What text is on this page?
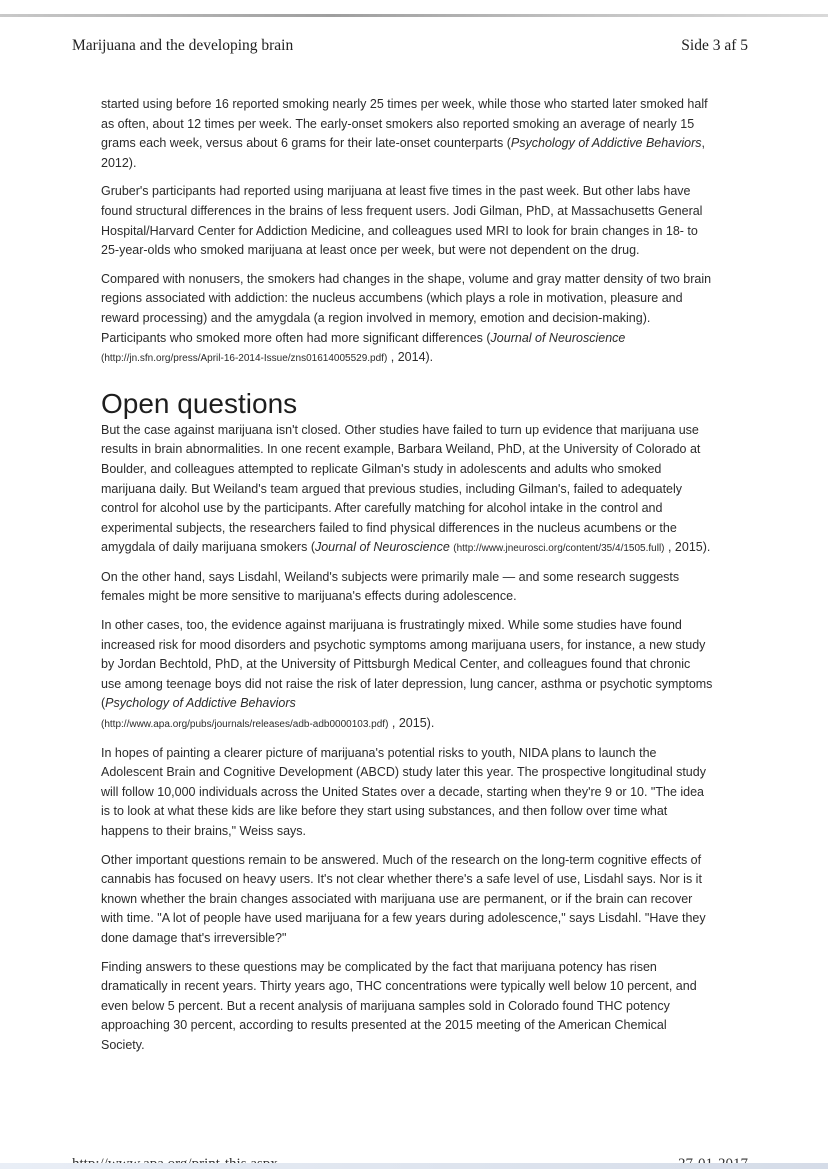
Marijuana and the developing brain	Side 3 af 5

started using before 16 reported smoking nearly 25 times per week, while those who started later smoked half as often, about 12 times per week. The early-onset smokers also reported smoking an average of nearly 15 grams each week, versus about 6 grams for their late-onset counterparts (Psychology of Addictive Behaviors, 2012).

Gruber's participants had reported using marijuana at least five times in the past week. But other labs have found structural differences in the brains of less frequent users. Jodi Gilman, PhD, at Massachusetts General Hospital/Harvard Center for Addiction Medicine, and colleagues used MRI to look for brain changes in 18- to 25-year-olds who smoked marijuana at least once per week, but were not dependent on the drug.

Compared with nonusers, the smokers had changes in the shape, volume and gray matter density of two brain regions associated with addiction: the nucleus accumbens (which plays a role in motivation, pleasure and reward processing) and the amygdala (a region involved in memory, emotion and decision-making). Participants who smoked more often had more significant differences (Journal of Neuroscience (http://jn.sfn.org/press/April-16-2014-Issue/zns01614005529.pdf) , 2014).

Open questions

But the case against marijuana isn't closed. Other studies have failed to turn up evidence that marijuana use results in brain abnormalities. In one recent example, Barbara Weiland, PhD, at the University of Colorado at Boulder, and colleagues attempted to replicate Gilman's study in adolescents and adults who smoked marijuana daily. But Weiland's team argued that previous studies, including Gilman's, failed to adequately control for alcohol use by the participants. After carefully matching for alcohol intake in the control and experimental subjects, the researchers failed to find physical differences in the nucleus acumbens or the amygdala of daily marijuana smokers (Journal of Neuroscience (http://www.jneurosci.org/content/35/4/1505.full) , 2015).

On the other hand, says Lisdahl, Weiland's subjects were primarily male — and some research suggests females might be more sensitive to marijuana's effects during adolescence.

In other cases, too, the evidence against marijuana is frustratingly mixed. While some studies have found increased risk for mood disorders and psychotic symptoms among marijuana users, for instance, a new study by Jordan Bechtold, PhD, at the University of Pittsburgh Medical Center, and colleagues found that chronic use among teenage boys did not raise the risk of later depression, lung cancer, asthma or psychotic symptoms (Psychology of Addictive Behaviors
(http://www.apa.org/pubs/journals/releases/adb-adb0000103.pdf) , 2015).

In hopes of painting a clearer picture of marijuana's potential risks to youth, NIDA plans to launch the Adolescent Brain and Cognitive Development (ABCD) study later this year. The prospective longitudinal study will follow 10,000 individuals across the United States over a decade, starting when they're 9 or 10. "The idea is to look at what these kids are like before they start using substances, and then follow over time what happens to their brains," Weiss says.

Other important questions remain to be answered. Much of the research on the long-term cognitive effects of cannabis has focused on heavy users. It's not clear whether there's a safe level of use, Lisdahl says. Nor is it known whether the brain changes associated with marijuana use are permanent, or if the brain can recover with time. "A lot of people have used marijuana for a few years during adolescence," says Lisdahl. "Have they done damage that's irreversible?"

Finding answers to these questions may be complicated by the fact that marijuana potency has risen dramatically in recent years. Thirty years ago, THC concentrations were typically well below 10 percent, and even below 5 percent. But a recent analysis of marijuana samples sold in Colorado found THC potency approaching 30 percent, according to results presented at the 2015 meeting of the American Chemical Society.
